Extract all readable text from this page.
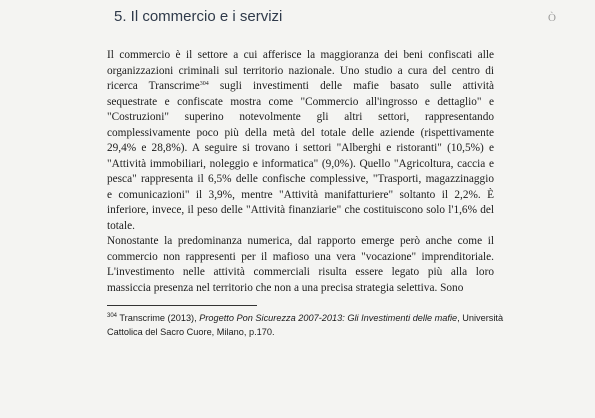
5. Il commercio e i servizi	Ò
Il commercio è il settore a cui afferisce la maggioranza dei beni confiscati alle
organizzazioni criminali sul territorio nazionale. Uno studio a cura del centro di
ricerca Transcrime$^{304}$ sugli investimenti delle mafie basato sulle attività
sequestrate e confiscate mostra come "Commercio all'ingrosso e dettaglio" e
"Costruzioni" superino notevolmente gli altri settori, rappresentando
complessivamente poco più della metà del totale delle aziende (rispettivamente
29,4% e 28,8%). A seguire si trovano i settori "Alberghi e ristoranti" (10,5%) e
"Attività immobiliari, noleggio e informatica" (9,0%). Quello "Agricoltura, caccia e
pesca" rappresenta il 6,5% delle confische complessive, "Trasporti, magazzinaggio
e comunicazioni" il 3,9%, mentre "Attività manifatturiere" soltanto il 2,2%. È
inferiore, invece, il peso delle "Attività finanziarie" che costituiscono solo l'1,6% del
totale.
Nonostante la predominanza numerica, dal rapporto emerge però anche come il
commercio non rappresenti per il mafioso una vera "vocazione" imprenditoriale.
L'investimento nelle attività commerciali risulta essere legato più alla loro
massiccia presenza nel territorio che non a una precisa strategia selettiva. Sono
$^{304}$ Transcrime (2013), Progetto Pon Sicurezza 2007-2013: Gli Investimenti delle mafie, Università
Cattolica del Sacro Cuore, Milano, p.170.
